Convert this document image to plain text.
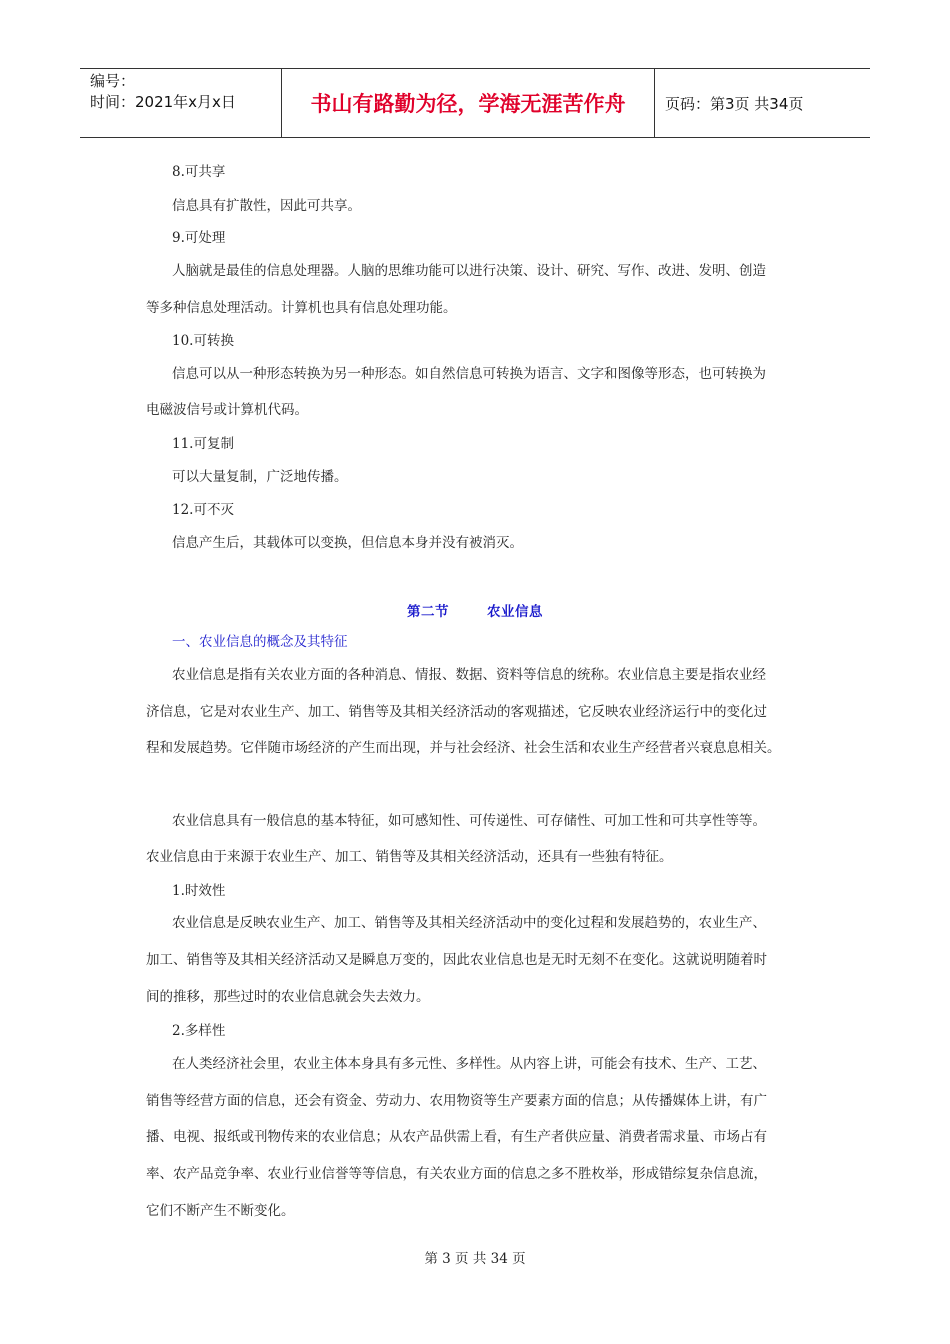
编号：
时间：2021年x月x日	书山有路勤为径，学海无涯苦作舟	页码：第3页 共34页
8.可共享
信息具有扩散性，因此可共享。
9.可处理
人脑就是最佳的信息处理器。人脑的思维功能可以进行决策、设计、研究、写作、改进、发明、创造
等多种信息处理活动。计算机也具有信息处理功能。
10.可转换
信息可以从一种形态转换为另一种形态。如自然信息可转换为语言、文字和图像等形态，也可转换为
电磁波信号或计算机代码。
11.可复制
可以大量复制，广泛地传播。
12.可不灭
信息产生后，其载体可以变换，但信息本身并没有被消灭。
第二节	农业信息
一、农业信息的概念及其特征
农业信息是指有关农业方面的各种消息、情报、数据、资料等信息的统称。农业信息主要是指农业经
济信息，它是对农业生产、加工、销售等及其相关经济活动的客观描述，它反映农业经济运行中的变化过
程和发展趋势。它伴随市场经济的产生而出现，并与社会经济、社会生活和农业生产经营者兴衰息息相关。
农业信息具有一般信息的基本特征，如可感知性、可传递性、可存储性、可加工性和可共享性等等。
农业信息由于来源于农业生产、加工、销售等及其相关经济活动，还具有一些独有特征。
1.时效性
农业信息是反映农业生产、加工、销售等及其相关经济活动中的变化过程和发展趋势的，农业生产、
加工、销售等及其相关经济活动又是瞬息万变的，因此农业信息也是无时无刻不在变化。这就说明随着时
间的推移，那些过时的农业信息就会失去效力。
2.多样性
在人类经济社会里，农业主体本身具有多元性、多样性。从内容上讲，可能会有技术、生产、工艺、
销售等经营方面的信息，还会有资金、劳动力、农用物资等生产要素方面的信息；从传播媒体上讲，有广
播、电视、报纸或刊物传来的农业信息；从农产品供需上看，有生产者供应量、消费者需求量、市场占有
率、农产品竞争率、农业行业信誉等等信息，有关农业方面的信息之多不胜枚举，形成错综复杂信息流，
它们不断产生不断变化。
第 3 页 共 34 页
